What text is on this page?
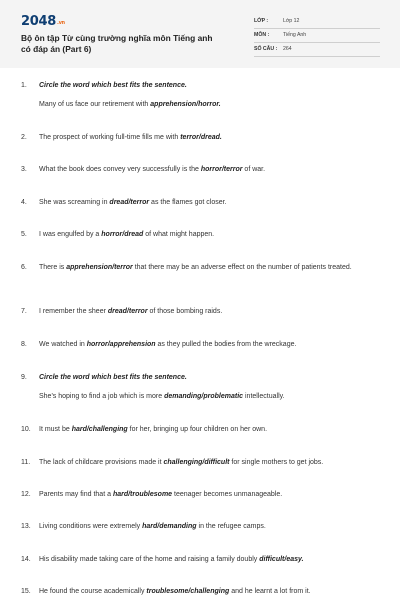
2048.vn
Bộ ôn tập Từ cùng trường nghĩa môn Tiếng anh có đáp án (Part 6)
LỚP :	Lớp 12
MÔN :	Tiếng Anh
SỐ CÂU : 264
1. Circle the word which best fits the sentence.
Many of us face our retirement with apprehension/horror.
2. The prospect of working full-time fills me with terror/dread.
3. What the book does convey very successfully is the horror/terror of war.
4. She was screaming in dread/terror as the flames got closer.
5. I was engulfed by a horror/dread of what might happen.
6. There is apprehension/terror that there may be an adverse effect on the number of patients treated.
7. I remember the sheer dread/terror of those bombing raids.
8. We watched in horror/apprehension as they pulled the bodies from the wreckage.
9. Circle the word which best fits the sentence.
She's hoping to find a job which is more demanding/problematic intellectually.
10. It must be hard/challenging for her, bringing up four children on her own.
11. The lack of childcare provisions made it challenging/difficult for single mothers to get jobs.
12. Parents may find that a hard/troublesome teenager becomes unmanageable.
13. Living conditions were extremely hard/demanding in the refugee camps.
14. His disability made taking care of the home and raising a family doubly difficult/easy.
15. He found the course academically troublesome/challenging and he learnt a lot from it.
